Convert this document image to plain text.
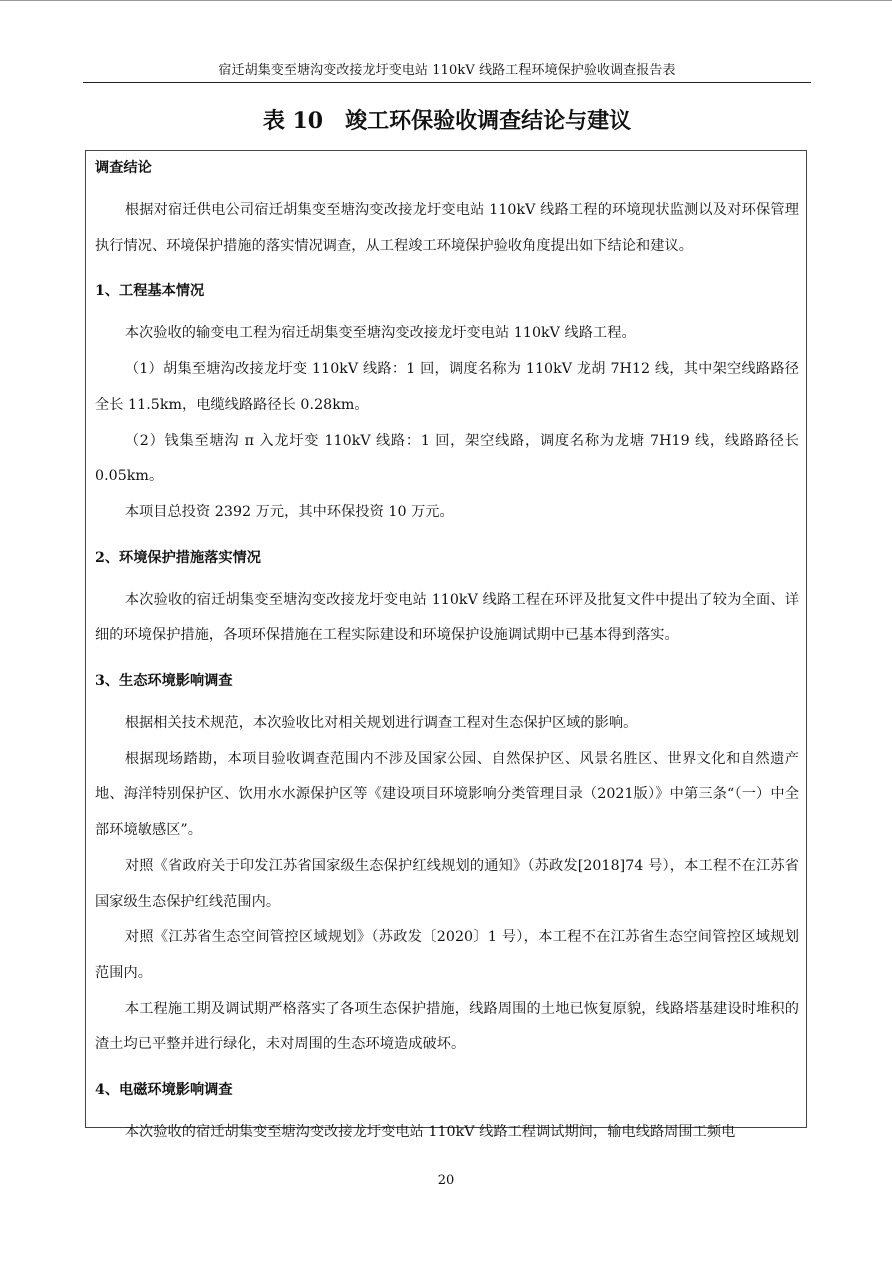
宿迁胡集变至塘沟变改接龙圩变电站 110kV 线路工程环境保护验收调查报告表
表 10 竣工环保验收调查结论与建议

调查结论

根据对宿迁供电公司宿迁胡集变至塘沟变改接龙圩变电站 110kV 线路工程的环境现状监测以及对环保管理执行情况、环境保护措施的落实情况调查，从工程竣工环境保护验收角度提出如下结论和建议。

1、工程基本情况

本次验收的输变电工程为宿迁胡集变至塘沟变改接龙圩变电站 110kV 线路工程。

（1）胡集至塘沟改接龙圩变 110kV 线路：1 回，调度名称为 110kV 龙胡 7H12 线，其中架空线路路径全长 11.5km，电缆线路路径长 0.28km。

（2）钱集至塘沟 π 入龙圩变 110kV 线路：1 回，架空线路，调度名称为龙塘 7H19 线，线路路径长 0.05km。

本项目总投资 2392 万元，其中环保投资 10 万元。

2、环境保护措施落实情况

本次验收的宿迁胡集变至塘沟变改接龙圩变电站 110kV 线路工程在环评及批复文件中提出了较为全面、详细的环境保护措施，各项环保措施在工程实际建设和环境保护设施调试期中已基本得到落实。

3、生态环境影响调查

根据相关技术规范，本次验收比对相关规划进行调查工程对生态保护区域的影响。

根据现场踏勘，本项目验收调查范围内不涉及国家公园、自然保护区、风景名胜区、世界文化和自然遗产地、海洋特别保护区、饮用水水源保护区等《建设项目环境影响分类管理目录（2021版）》中第三条“（一）中全部环境敏感区”。

对照《省政府关于印发江苏省国家级生态保护红线规划的通知》（苏政发[2018]74 号），本工程不在江苏省国家级生态保护红线范围内。

对照《江苏省生态空间管控区域规划》（苏政发〔2020〕1 号），本工程不在江苏省生态空间管控区域规划范围内。

本工程施工期及调试期严格落实了各项生态保护措施，线路周围的土地已恢复原貌，线路塔基建设时堆积的渣土均已平整并进行绿化，未对周围的生态环境造成破坏。

4、电磁环境影响调查

本次验收的宿迁胡集变至塘沟变改接龙圩变电站 110kV 线路工程调试期间，输电线路周围工频电

20
